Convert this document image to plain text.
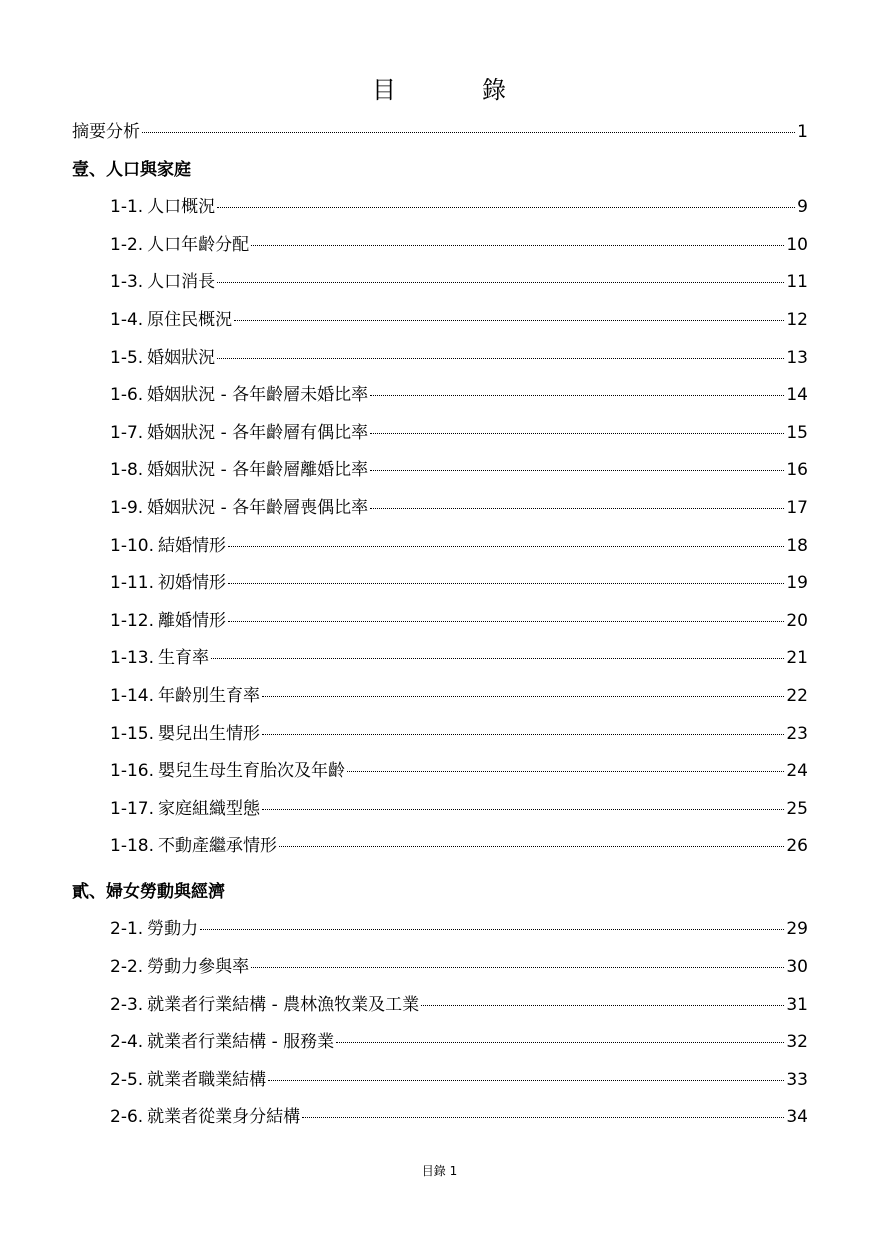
目	錄
摘要分析	1
壹、人口與家庭
1-1. 人口概況	9
1-2. 人口年齡分配	10
1-3. 人口消長	11
1-4. 原住民概況	12
1-5. 婚姻狀況	13
1-6. 婚姻狀況 - 各年齡層未婚比率	14
1-7. 婚姻狀況 - 各年齡層有偶比率	15
1-8. 婚姻狀況 - 各年齡層離婚比率	16
1-9. 婚姻狀況 - 各年齡層喪偶比率	17
1-10. 結婚情形	18
1-11. 初婚情形	19
1-12. 離婚情形	20
1-13. 生育率	21
1-14. 年齡別生育率	22
1-15. 嬰兒出生情形	23
1-16. 嬰兒生母生育胎次及年齡	24
1-17. 家庭組織型態	25
1-18. 不動產繼承情形	26
貳、婦女勞動與經濟
2-1. 勞動力	29
2-2. 勞動力參與率	30
2-3. 就業者行業結構 - 農林漁牧業及工業	31
2-4. 就業者行業結構 - 服務業	32
2-5. 就業者職業結構	33
2-6. 就業者從業身分結構	34
目錄 1
